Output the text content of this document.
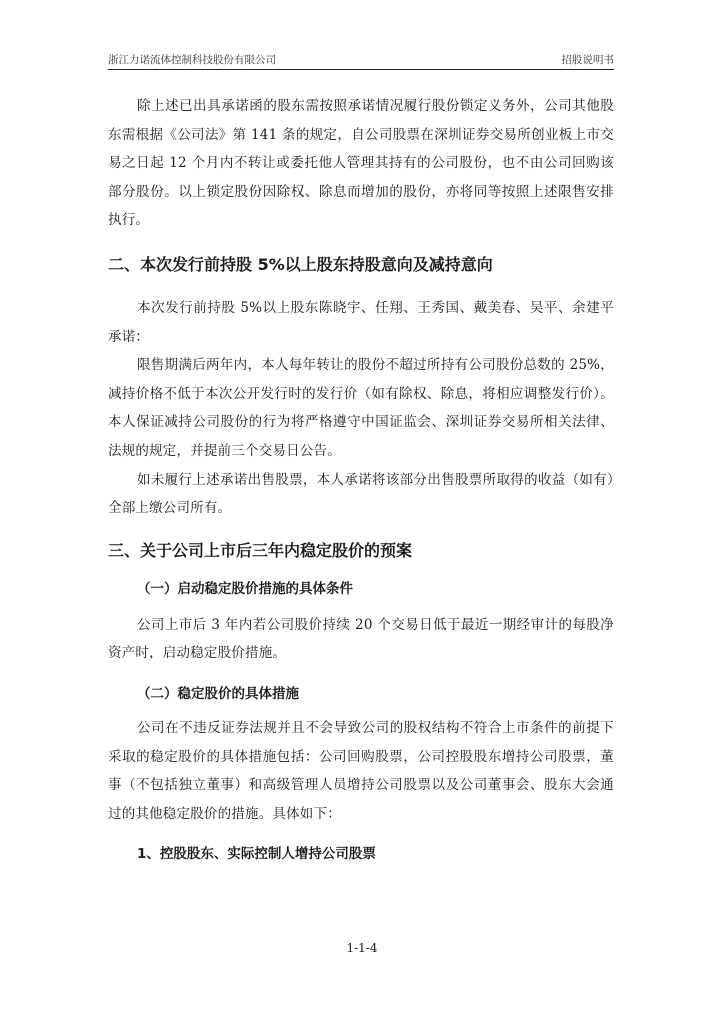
浙江力诺流体控制科技股份有限公司	招股说明书

除上述已出具承诺函的股东需按照承诺情况履行股份锁定义务外，公司其他股东需根据《公司法》第 141 条的规定，自公司股票在深圳证券交易所创业板上市交易之日起 12 个月内不转让或委托他人管理其持有的公司股份，也不由公司回购该部分股份。以上锁定股份因除权、除息而增加的股份，亦将同等按照上述限售安排执行。

二、本次发行前持股 5%以上股东持股意向及减持意向

本次发行前持股 5%以上股东陈晓宇、任翔、王秀国、戴美春、吴平、余建平承诺：

限售期满后两年内，本人每年转让的股份不超过所持有公司股份总数的 25%，减持价格不低于本次公开发行时的发行价（如有除权、除息，将相应调整发行价）。本人保证减持公司股份的行为将严格遵守中国证监会、深圳证券交易所相关法律、法规的规定，并提前三个交易日公告。

如未履行上述承诺出售股票，本人承诺将该部分出售股票所取得的收益（如有）全部上缴公司所有。

三、关于公司上市后三年内稳定股价的预案
（一）启动稳定股价措施的具体条件

公司上市后 3 年内若公司股价持续 20 个交易日低于最近一期经审计的每股净资产时，启动稳定股价措施。

（二）稳定股价的具体措施

公司在不违反证券法规并且不会导致公司的股权结构不符合上市条件的前提下采取的稳定股价的具体措施包括：公司回购股票，公司控股股东增持公司股票，董事（不包括独立董事）和高级管理人员增持公司股票以及公司董事会、股东大会通过的其他稳定股价的措施。具体如下：

1、控股股东、实际控制人增持公司股票
1-1-4
